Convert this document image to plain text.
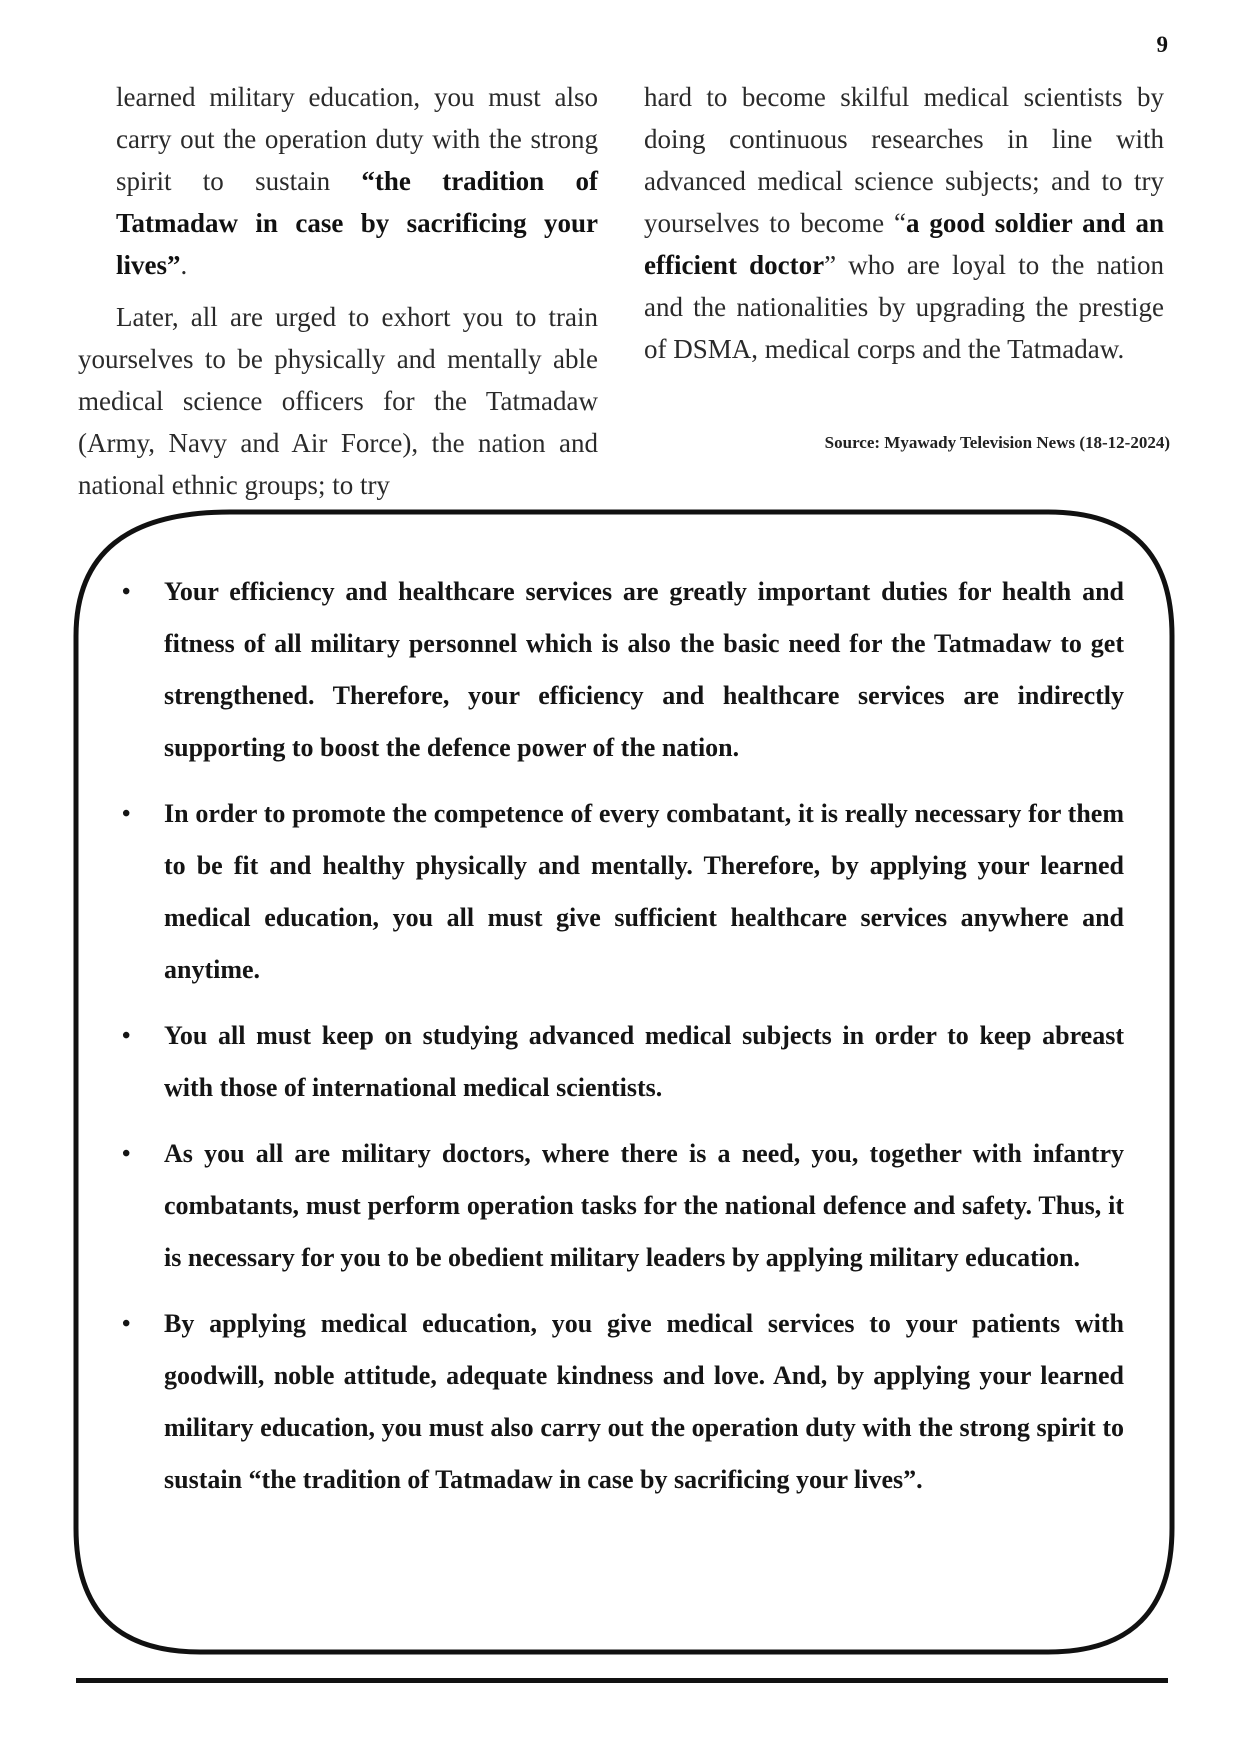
9

learned military education, you must also carry out the operation duty with the strong spirit to sustain “the tradition of Tatmadaw in case by sacrificing your lives”.

Later, all are urged to exhort you to train yourselves to be physically and mentally able medical science officers for the Tatmadaw (Army, Navy and Air Force), the nation and national ethnic groups; to try

hard to become skilful medical scientists by doing continuous researches in line with advanced medical science subjects; and to try yourselves to become “a good soldier and an efficient doctor” who are loyal to the nation and the nationalities by upgrading the prestige of DSMA, medical corps and the Tatmadaw.

Source: Myawady Television News (18-12-2024)
• Your efficiency and healthcare services are greatly important duties for health and fitness of all military personnel which is also the basic need for the Tatmadaw to get strengthened. Therefore, your efficiency and healthcare services are indirectly supporting to boost the defence power of the nation.
• In order to promote the competence of every combatant, it is really necessary for them to be fit and healthy physically and mentally. Therefore, by applying your learned medical education, you all must give sufficient healthcare services anywhere and anytime.
• You all must keep on studying advanced medical subjects in order to keep abreast with those of international medical scientists.
• As you all are military doctors, where there is a need, you, together with infantry combatants, must perform operation tasks for the national defence and safety. Thus, it is necessary for you to be obedient military leaders by applying military education.
• By applying medical education, you give medical services to your patients with goodwill, noble attitude, adequate kindness and love. And, by applying your learned military education, you must also carry out the operation duty with the strong spirit to sustain “the tradition of Tatmadaw in case by sacrificing your lives”.
